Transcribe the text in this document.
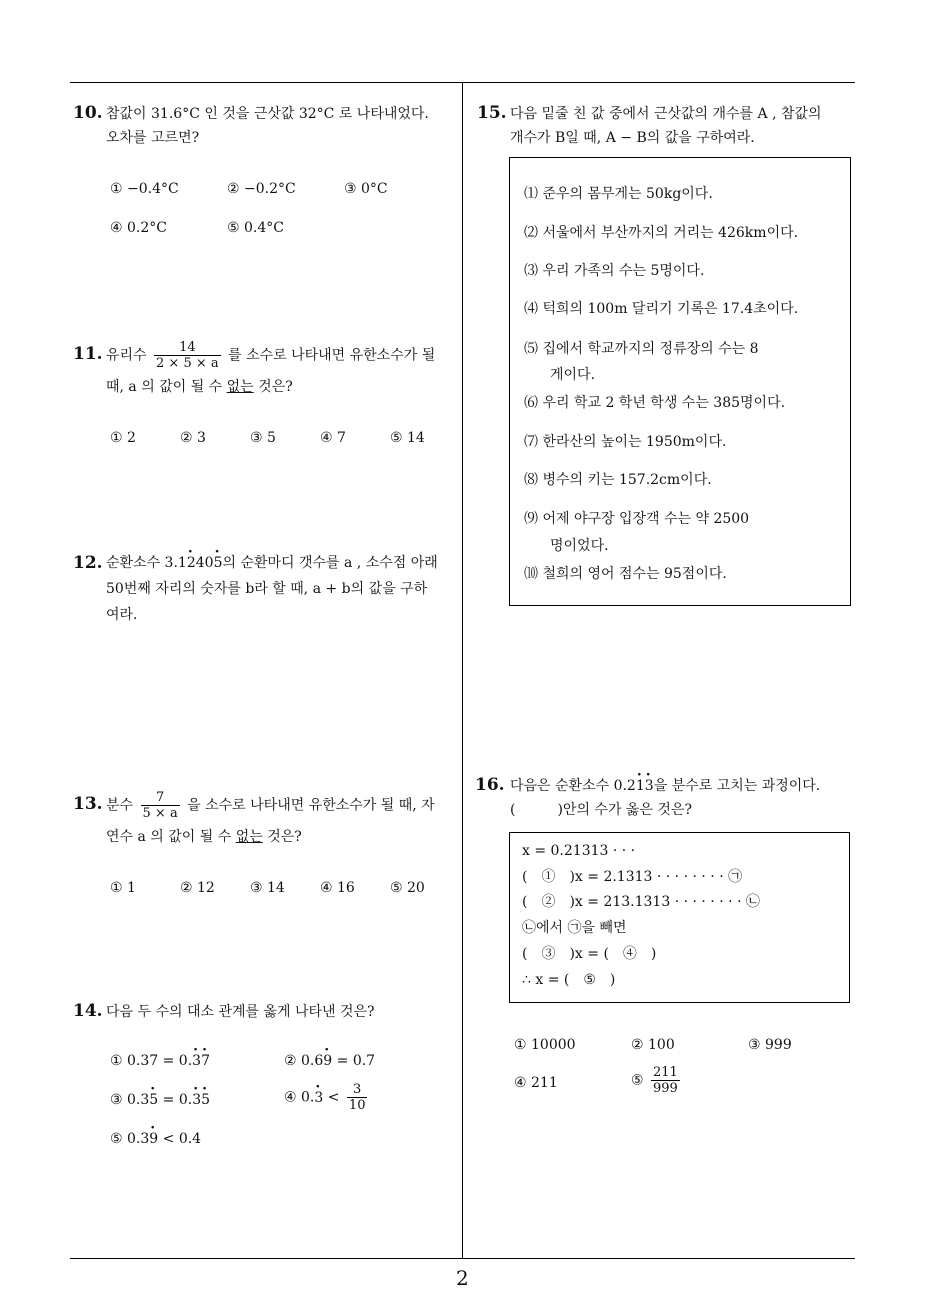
2
10. 참값이 31.6°C 인 것을 근삿값 32°C 로 나타내었다.
오차를 고르면?
① −0.4°C	② −0.2°C	③ 0°C
④ 0.2°C	⑤ 0.4°C
11. 유리수 $\frac{14}{2 \times 5 \times a}$ 를 소수로 나타내면 유한소수가 될
때, a 의 값이 될 수 없는 것은?
① 2	② 3	③ 5	④ 7	⑤ 14
12. 순환소수 3.1· 240· 5의 순환마디 갯수를 a , 소수점 아래
50번째 자리의 숫자를 b라 할 때, a + b의 값을 구하
여라.
13. 분수 $\frac{7}{5 \times a}$ 을 소수로 나타내면 유한소수가 될 때, 자
연수 a 의 값이 될 수 없는 것은?
① 1	② 12	③ 14	④ 16	⑤ 20
14. 다음 두 수의 대소 관계를 옳게 나타낸 것은?
① 0.37 = 0.· 3· 7	② 0.6· 9 = 0.7
③ 0.3· 5 = 0.· 3· 5	④ $0.\cdot 3 < \frac{3}{10}$
⑤ 0.3· 9 < 0.4
15. 다음 밑줄 친 값 중에서 근삿값의 개수를 A , 참값의
개수가 B일 때, A − B의 값을 구하여라.
⑴ 준우의 몸무게는 50kg이다.
⑵ 서울에서 부산까지의 거리는 426km이다.
⑶ 우리 가족의 수는 5명이다.
⑷ 턱희의 100m 달리기 기록은 17.4초이다.
⑸ 집에서 학교까지의 정류장의 수는 8
게이다.
⑹ 우리 학교 2 학년 학생 수는 385명이다.
⑺ 한라산의 높이는 1950m이다.
⑻ 병수의 키는 157.2cm이다.
⑼ 어제 야구장 입장객 수는 약 2500
명이었다.
⑽ 철희의 영어 점수는 95점이다.
16. 다음은 순환소수 0.2· 1· 3을 분수로 고치는 과정이다.
(　　　)안의 수가 옳은 것은?
x = 0.21313 · · ·
(　①　)x = 2.1313 · · · · · · · · ㉠
(　②　)x = 213.1313 · · · · · · · · ㉡
㉡에서 ㉠을 빼면
(　③　)x = (　④　)
∴ x = (　⑤　)
① 10000	② 100	③ 999
④ 211	⑤ $\frac{211}{999}$
